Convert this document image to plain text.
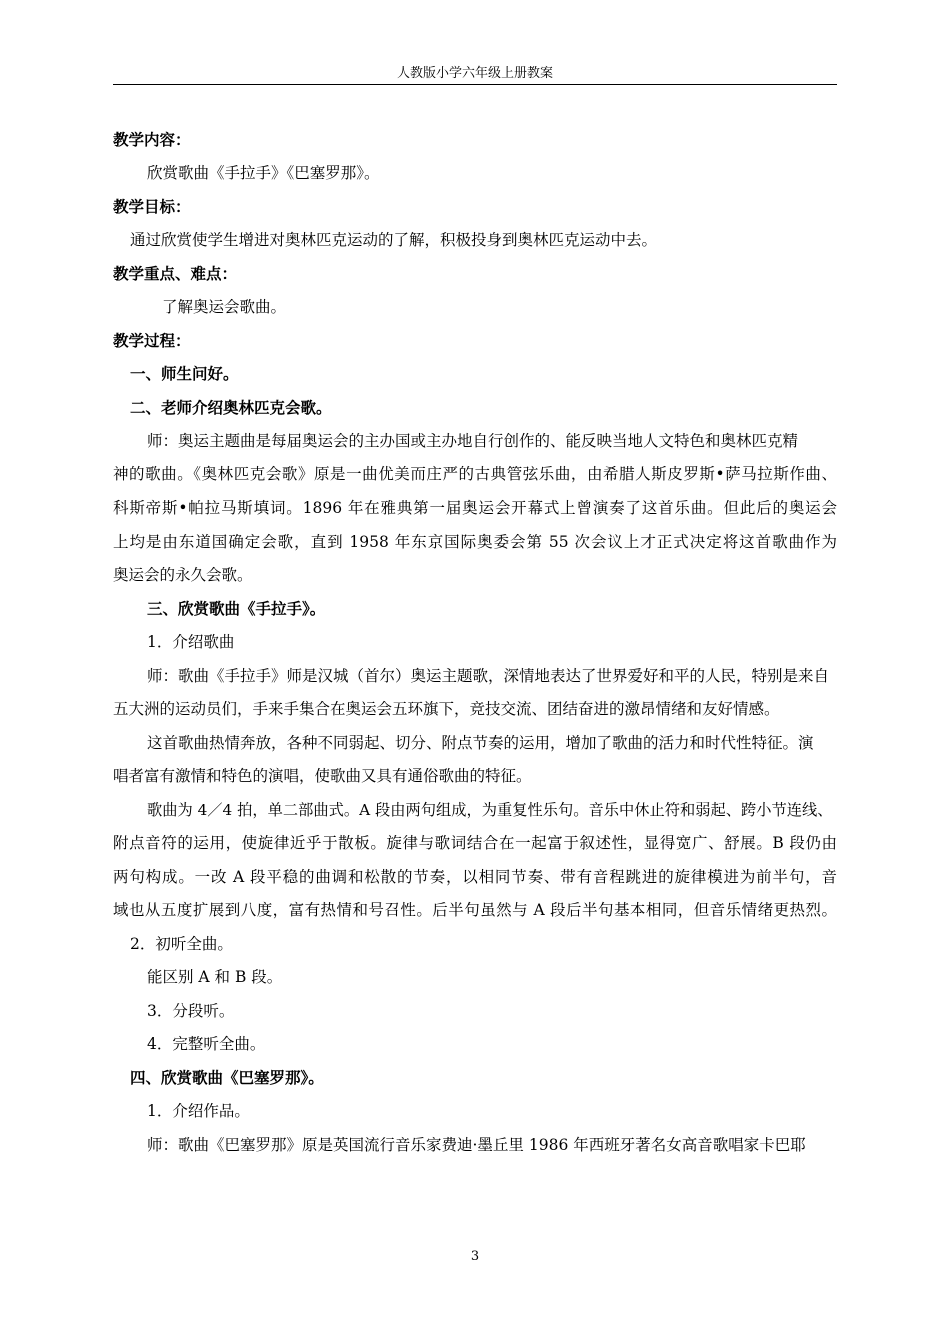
人教版小学六年级上册教案
教学内容：
欣赏歌曲《手拉手》《巴塞罗那》。
教学目标：
通过欣赏使学生增进对奥林匹克运动的了解，积极投身到奥林匹克运动中去。
教学重点、难点：
了解奥运会歌曲。
教学过程：
一、师生问好。
二、老师介绍奥林匹克会歌。
师：奥运主题曲是每届奥运会的主办国或主办地自行创作的、能反映当地人文特色和奥林匹克精
神的歌曲。《奥林匹克会歌》原是一曲优美而庄严的古典管弦乐曲，由希腊人斯皮罗斯•萨马拉斯作曲、
科斯帝斯•帕拉马斯填词。1896 年在雅典第一届奥运会开幕式上曾演奏了这首乐曲。但此后的奥运会
上均是由东道国确定会歌，直到 1958 年东京国际奥委会第 55 次会议上才正式决定将这首歌曲作为
奥运会的永久会歌。
三、欣赏歌曲《手拉手》。
1．介绍歌曲
师：歌曲《手拉手》师是汉城（首尔）奥运主题歌，深情地表达了世界爱好和平的人民，特别是来自
五大洲的运动员们，手来手集合在奥运会五环旗下，竞技交流、团结奋进的激昂情绪和友好情感。
这首歌曲热情奔放，各种不同弱起、切分、附点节奏的运用，增加了歌曲的活力和时代性特征。演
唱者富有激情和特色的演唱，使歌曲又具有通俗歌曲的特征。
歌曲为 4／4 拍，单二部曲式。A 段由两句组成，为重复性乐句。音乐中休止符和弱起、跨小节连线、
附点音符的运用，使旋律近乎于散板。旋律与歌词结合在一起富于叙述性，显得宽广、舒展。B 段仍由
两句构成。一改 A 段平稳的曲调和松散的节奏，以相同节奏、带有音程跳进的旋律模进为前半句，音
域也从五度扩展到八度，富有热情和号召性。后半句虽然与 A 段后半句基本相同，但音乐情绪更热烈。
2．初听全曲。
能区别 A 和 B 段。
3．分段听。
4．完整听全曲。
四、欣赏歌曲《巴塞罗那》。
1．介绍作品。
师：歌曲《巴塞罗那》原是英国流行音乐家费迪·墨丘里 1986 年西班牙著名女高音歌唱家卡巴耶
3
